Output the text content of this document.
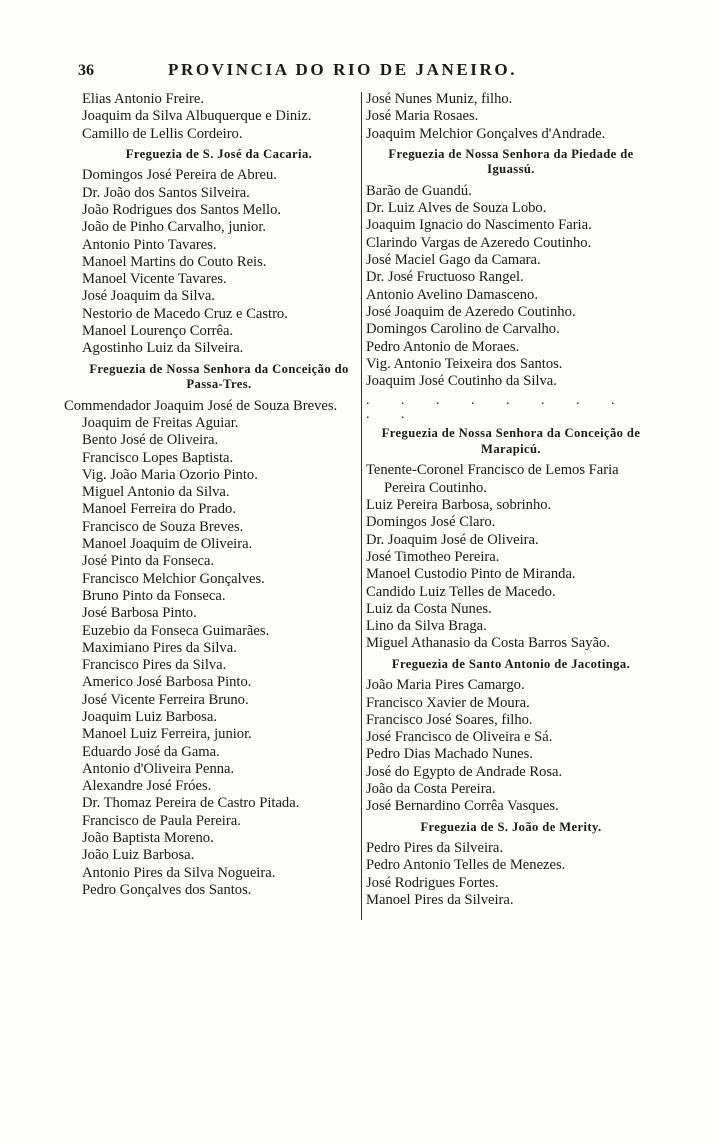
36	PROVINCIA DO RIO DE JANEIRO.
Elias Antonio Freire.
Joaquim da Silva Albuquerque e Diniz.
Camillo de Lellis Cordeiro.
Freguezia de S. José da Cacaria.
Domingos José Pereira de Abreu.
Dr. João dos Santos Silveira.
João Rodrigues dos Santos Mello.
João de Pinho Carvalho, junior.
Antonio Pinto Tavares.
Manoel Martins do Couto Reis.
Manoel Vicente Tavares.
José Joaquim da Silva.
Nestorio de Macedo Cruz e Castro.
Manoel Lourenço Corrêa.
Agostinho Luiz da Silveira.
Freguezia de Nossa Senhora da Conceição do Passa-Tres.
Commendador Joaquim José de Souza Breves.
Joaquim de Freitas Aguiar.
Bento José de Oliveira.
Francisco Lopes Baptista.
Vig. João Maria Ozorio Pinto.
Miguel Antonio da Silva.
Manoel Ferreira do Prado.
Francisco de Souza Breves.
Manoel Joaquim de Oliveira.
José Pinto da Fonseca.
Francisco Melchior Gonçalves.
Bruno Pinto da Fonseca.
José Barbosa Pinto.
Euzebio da Fonseca Guimarães.
Maximiano Pires da Silva.
Francisco Pires da Silva.
Americo José Barbosa Pinto.
José Vicente Ferreira Bruno.
Joaquim Luiz Barbosa.
Manoel Luiz Ferreira, junior.
Eduardo José da Gama.
Antonio d'Oliveira Penna.
Alexandre José Fróes.
Dr. Thomaz Pereira de Castro Pitada.
Francisco de Paula Pereira.
João Baptista Moreno.
João Luiz Barbosa.
Antonio Pires da Silva Nogueira.
Pedro Gonçalves dos Santos.
José Nunes Muniz, filho.
José Maria Rosaes.
Joaquim Melchior Gonçalves d'Andrade.
Freguezia de Nossa Senhora da Piedade de Iguassú.
Barão de Guandú.
Dr. Luiz Alves de Souza Lobo.
Joaquim Ignacio do Nascimento Faria.
Clarindo Vargas de Azeredo Coutinho.
José Maciel Gago da Camara.
Dr. José Fructuoso Rangel.
Antonio Avelino Damasceno.
José Joaquim de Azeredo Coutinho.
Domingos Carolino de Carvalho.
Pedro Antonio de Moraes.
Vig. Antonio Teixeira dos Santos.
Joaquim José Coutinho da Silva.
. . . . . . . . . .
Freguezia de Nossa Senhora da Conceição de Marapicú.
Tenente-Coronel Francisco de Lemos Faria Pereira Coutinho.
Luiz Pereira Barbosa, sobrinho.
Domingos José Claro.
Dr. Joaquim José de Oliveira.
José Timotheo Pereira.
Manoel Custodio Pinto de Miranda.
Candido Luiz Telles de Macedo.
Luiz da Costa Nunes.
Lino da Silva Braga.
Miguel Athanasio da Costa Barros Sayão.
Freguezia de Santo Antonio de Jacotinga.
João Maria Pires Camargo.
Francisco Xavier de Moura.
Francisco José Soares, filho.
José Francisco de Oliveira e Sá.
Pedro Dias Machado Nunes.
José do Egypto de Andrade Rosa.
João da Costa Pereira.
José Bernardino Corrêa Vasques.
Freguezia de S. João de Merity.
Pedro Pires da Silveira.
Pedro Antonio Telles de Menezes.
José Rodrigues Fortes.
Manoel Pires da Silveira.
